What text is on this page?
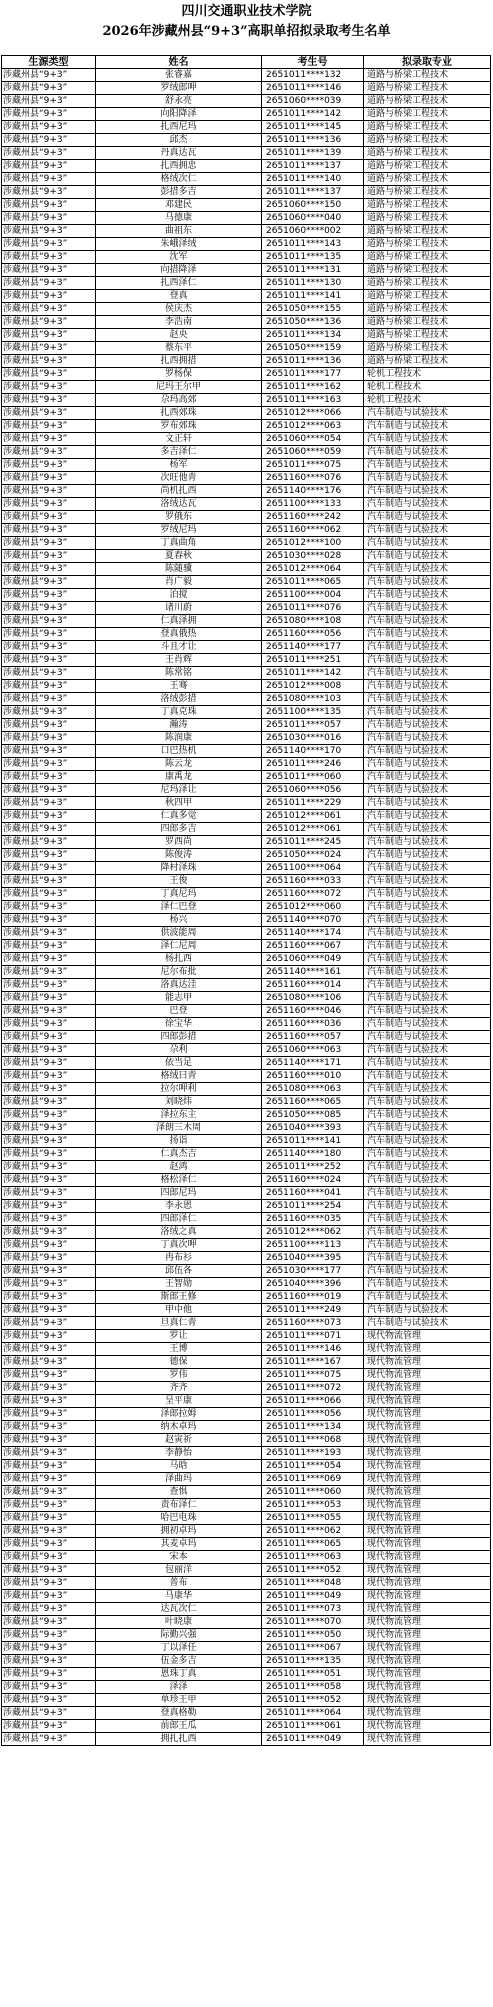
四川交通职业技术学院
2026年涉藏州县“9+3”高职单招拟录取考生名单
生源类型	姓名	考生号	拟录取专业
涉藏州县“9+3”	张睿嘉	2651011****132	道路与桥梁工程技术
涉藏州县“9+3”	罗绒郎呷	2651011****146	道路与桥梁工程技术
涉藏州县“9+3”	舒永亮	2651060****039	道路与桥梁工程技术
涉藏州县“9+3”	向阳降泽	2651011****142	道路与桥梁工程技术
涉藏州县“9+3”	扎西尼玛	2651011****145	道路与桥梁工程技术
涉藏州县“9+3”	邱杰	2651011****136	道路与桥梁工程技术
涉藏州县“9+3”	丹真达瓦	2651011****139	道路与桥梁工程技术
涉藏州县“9+3”	扎西拥忠	2651011****137	道路与桥梁工程技术
涉藏州县“9+3”	格绒次仁	2651011****140	道路与桥梁工程技术
涉藏州县“9+3”	彭措多吉	2651011****137	道路与桥梁工程技术
涉藏州县“9+3”	邓建民	2651060****150	道路与桥梁工程技术
涉藏州县“9+3”	马德康	2651060****040	道路与桥梁工程技术
涉藏州县“9+3”	曲祖东	2651060****002	道路与桥梁工程技术
涉藏州县“9+3”	朱峨泽绒	2651011****143	道路与桥梁工程技术
涉藏州县“9+3”	沈军	2651011****135	道路与桥梁工程技术
涉藏州县“9+3”	向措降泽	2651011****131	道路与桥梁工程技术
涉藏州县“9+3”	扎西泽仁	2651011****130	道路与桥梁工程技术
涉藏州县“9+3”	登真	2651011****141	道路与桥梁工程技术
涉藏州县“9+3”	侯庆杰	2651050****155	道路与桥梁工程技术
涉藏州县“9+3”	李浩南	2651050****136	道路与桥梁工程技术
涉藏州县“9+3”	赵央	2651011****134	道路与桥梁工程技术
涉藏州县“9+3”	蔡东平	2651050****159	道路与桥梁工程技术
涉藏州县“9+3”	扎西拥措	2651011****136	道路与桥梁工程技术
涉藏州县“9+3”	罗杨保	2651011****177	轮机工程技术
涉藏州县“9+3”	尼玛王尔甲	2651011****162	轮机工程技术
涉藏州县“9+3”	尕玛高郊	2651011****163	轮机工程技术
涉藏州县“9+3”	扎西郊珠	2651012****066	汽车制造与试验技术
涉藏州县“9+3”	罗布郊珠	2651012****063	汽车制造与试验技术
涉藏州县“9+3”	文正轩	2651060****054	汽车制造与试验技术
涉藏州县“9+3”	多吉泽仁	2651060****059	汽车制造与试验技术
涉藏州县“9+3”	杨军	2651011****075	汽车制造与试验技术
涉藏州县“9+3”	次旺他青	2651160****076	汽车制造与试验技术
涉藏州县“9+3”	尚机扎西	2651140****176	汽车制造与试验技术
涉藏州县“9+3”	洛绒达瓦	2651100****133	汽车制造与试验技术
涉藏州县“9+3”	罗俄东	2651160****242	汽车制造与试验技术
涉藏州县“9+3”	罗绒尼玛	2651160****062	汽车制造与试验技术
涉藏州县“9+3”	丁真曲角	2651012****100	汽车制造与试验技术
涉藏州县“9+3”	夏春秋	2651030****028	汽车制造与试验技术
涉藏州县“9+3”	陈随骥	2651012****064	汽车制造与试验技术
涉藏州县“9+3”	肖广毅	2651011****065	汽车制造与试验技术
涉藏州县“9+3”	泊搅	2651100****004	汽车制造与试验技术
涉藏州县“9+3”	诸川蔚	2651011****076	汽车制造与试验技术
涉藏州县“9+3”	仁真泽拥	2651080****108	汽车制造与试验技术
涉藏州县“9+3”	登真俄热	2651160****056	汽车制造与试验技术
涉藏州县“9+3”	斗且才让	2651140****177	汽车制造与试验技术
涉藏州县“9+3”	王肖辉	2651011****251	汽车制造与试验技术
涉藏州县“9+3”	陈常铭	2651011****142	汽车制造与试验技术
涉藏州县“9+3”	王骞	2651012****008	汽车制造与试验技术
涉藏州县“9+3”	洛绒彭措	2651080****103	汽车制造与试验技术
涉藏州县“9+3”	丁真克珠	2651100****135	汽车制造与试验技术
涉藏州县“9+3”	瀚涛	2651011****057	汽车制造与试验技术
涉藏州县“9+3”	陈润康	2651030****016	汽车制造与试验技术
涉藏州县“9+3”	口巴热机	2651140****170	汽车制造与试验技术
涉藏州县“9+3”	陈云龙	2651011****246	汽车制造与试验技术
涉藏州县“9+3”	康禹龙	2651011****060	汽车制造与试验技术
涉藏州县“9+3”	尼玛泽让	2651060****056	汽车制造与试验技术
涉藏州县“9+3”	秋四甲	2651011****229	汽车制造与试验技术
涉藏州县“9+3”	仁真多觉	2651012****061	汽车制造与试验技术
涉藏州县“9+3”	四郎多吉	2651012****061	汽车制造与试验技术
涉藏州县“9+3”	罗西尚	2651011****245	汽车制造与试验技术
涉藏州县“9+3”	陈俊涛	2651050****024	汽车制造与试验技术
涉藏州县“9+3”	降村泽珠	2651100****064	汽车制造与试验技术
涉藏州县“9+3”	王俊	2651160****033	汽车制造与试验技术
涉藏州县“9+3”	丁真尼玛	2651160****072	汽车制造与试验技术
涉藏州县“9+3”	泽仁巴登	2651012****060	汽车制造与试验技术
涉藏州县“9+3”	杨兴	2651140****070	汽车制造与试验技术
涉藏州县“9+3”	供波能周	2651140****174	汽车制造与试验技术
涉藏州县“9+3”	泽仁尼周	2651160****067	汽车制造与试验技术
涉藏州县“9+3”	杨扎西	2651060****049	汽车制造与试验技术
涉藏州县“9+3”	尼尔布批	2651140****161	汽车制造与试验技术
涉藏州县“9+3”	洛真达洼	2651160****014	汽车制造与试验技术
涉藏州县“9+3”	能志甲	2651080****106	汽车制造与试验技术
涉藏州县“9+3”	巴登	2651160****046	汽车制造与试验技术
涉藏州县“9+3”	徐宝华	2651160****036	汽车制造与试验技术
涉藏州县“9+3”	四郎彭措	2651160****057	汽车制造与试验技术
涉藏州县“9+3”	尕利	2651060****063	汽车制造与试验技术
涉藏州县“9+3”	依当足	2651140****171	汽车制造与试验技术
涉藏州县“9+3”	格绒曰青	2651160****010	汽车制造与试验技术
涉藏州县“9+3”	拉尔呷利	2651080****063	汽车制造与试验技术
涉藏州县“9+3”	刘晓炜	2651160****065	汽车制造与试验技术
涉藏州县“9+3”	泽拉东主	2651050****085	汽车制造与试验技术
涉藏州县“9+3”	泽朗三木周	2651040****393	汽车制造与试验技术
涉藏州县“9+3”	扬诣	2651011****141	汽车制造与试验技术
涉藏州县“9+3”	仁真杰吉	2651140****180	汽车制造与试验技术
涉藏州县“9+3”	赵鸿	2651011****252	汽车制造与试验技术
涉藏州县“9+3”	格松泽仁	2651160****024	汽车制造与试验技术
涉藏州县“9+3”	四郎尼玛	2651160****041	汽车制造与试验技术
涉藏州县“9+3”	李永恩	2651011****254	汽车制造与试验技术
涉藏州县“9+3”	四郎泽仁	2651160****035	汽车制造与试验技术
涉藏州县“9+3”	洛绒之真	2651012****062	汽车制造与试验技术
涉藏州县“9+3”	丁真次呷	2651100****113	汽车制造与试验技术
涉藏州县“9+3”	冉布衫	2651040****395	汽车制造与试验技术
涉藏州县“9+3”	邱伍各	2651030****177	汽车制造与试验技术
涉藏州县“9+3”	王智勋	2651040****396	汽车制造与试验技术
涉藏州县“9+3”	斯郎王修	2651160****019	汽车制造与试验技术
涉藏州县“9+3”	甲中他	2651011****249	汽车制造与试验技术
涉藏州县“9+3”	旦真仁青	2651160****073	汽车制造与试验技术
涉藏州县“9+3”	罗让	2651011****071	现代物流管理
涉藏州县“9+3”	王博	2651011****146	现代物流管理
涉藏州县“9+3”	德保	2651011****167	现代物流管理
涉藏州县“9+3”	罗伟	2651011****075	现代物流管理
涉藏州县“9+3”	齐齐	2651011****072	现代物流管理
涉藏州县“9+3”	呈平康	2651011****066	现代物流管理
涉藏州县“9+3”	泽郎拉姆	2651011****056	现代物流管理
涉藏州县“9+3”	纳木卓玛	2651011****134	现代物流管理
涉藏州县“9+3”	赵寅祈	2651011****068	现代物流管理
涉藏州县“9+3”	李静怡	2651011****193	现代物流管理
涉藏州县“9+3”	马晗	2651011****054	现代物流管理
涉藏州县“9+3”	泽曲玛	2651011****069	现代物流管理
涉藏州县“9+3”	查惧	2651011****060	现代物流管理
涉藏州县“9+3”	责布泽仁	2651011****053	现代物流管理
涉藏州县“9+3”	哈巴电珠	2651011****055	现代物流管理
涉藏州县“9+3”	拥初卓玛	2651011****062	现代物流管理
涉藏州县“9+3”	其麦卓玛	2651011****065	现代物流管理
涉藏州县“9+3”	宋本	2651011****063	现代物流管理
涉藏州县“9+3”	包丽洋	2651011****052	现代物流管理
涉藏州县“9+3”	普布	2651011****048	现代物流管理
涉藏州县“9+3”	马康华	2651011****049	现代物流管理
涉藏州县“9+3”	达瓦次仁	2651011****073	现代物流管理
涉藏州县“9+3”	叶晓康	2651011****070	现代物流管理
涉藏州县“9+3”	际勤兴强	2651011****050	现代物流管理
涉藏州县“9+3”	丁以泽任	2651011****067	现代物流管理
涉藏州县“9+3”	伍金多吉	2651011****135	现代物流管理
涉藏州县“9+3”	恩珠丁真	2651011****051	现代物流管理
涉藏州县“9+3”	泽泽	2651011****058	现代物流管理
涉藏州县“9+3”	单珍王甲	2651011****052	现代物流管理
涉藏州县“9+3”	登真格勒	2651011****064	现代物流管理
涉藏州县“9+3”	前郎王瓜	2651011****061	现代物流管理
涉藏州县“9+3”	拥扎扎西	2651011****049	现代物流管理
